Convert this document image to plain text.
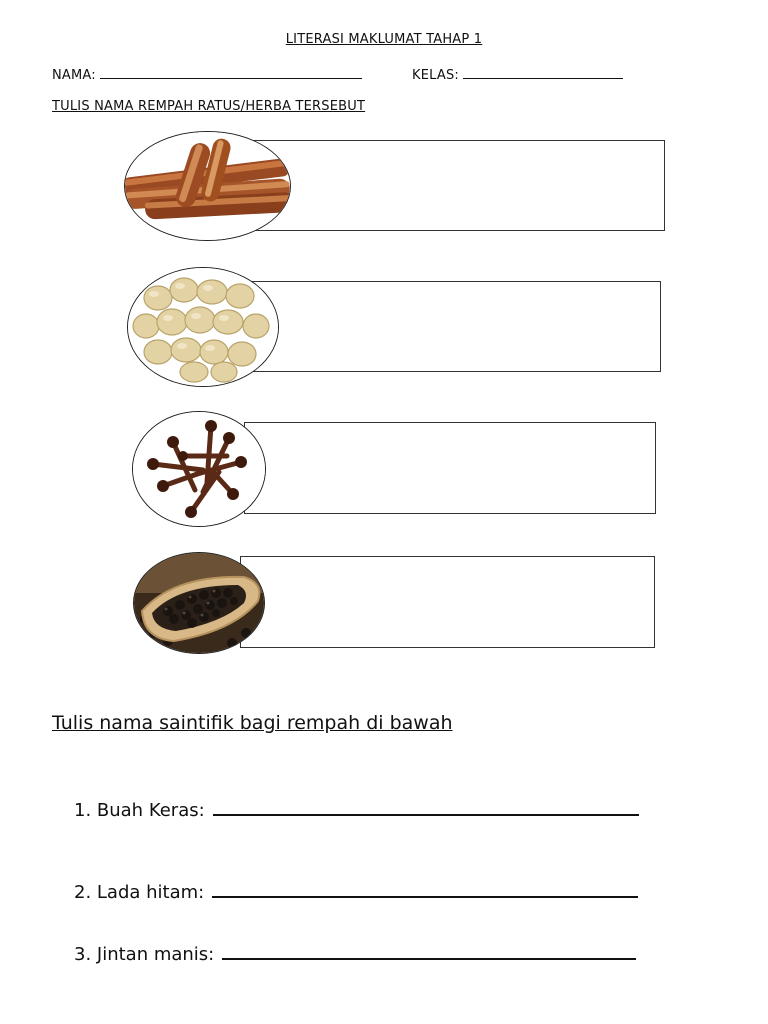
LITERASI MAKLUMAT TAHAP 1
NAMA:	KELAS:
TULIS NAMA REMPAH RATUS/HERBA TERSEBUT
Tulis nama saintifik bagi rempah di bawah
1. Buah Keras:
2. Lada hitam:
3. Jintan manis:
